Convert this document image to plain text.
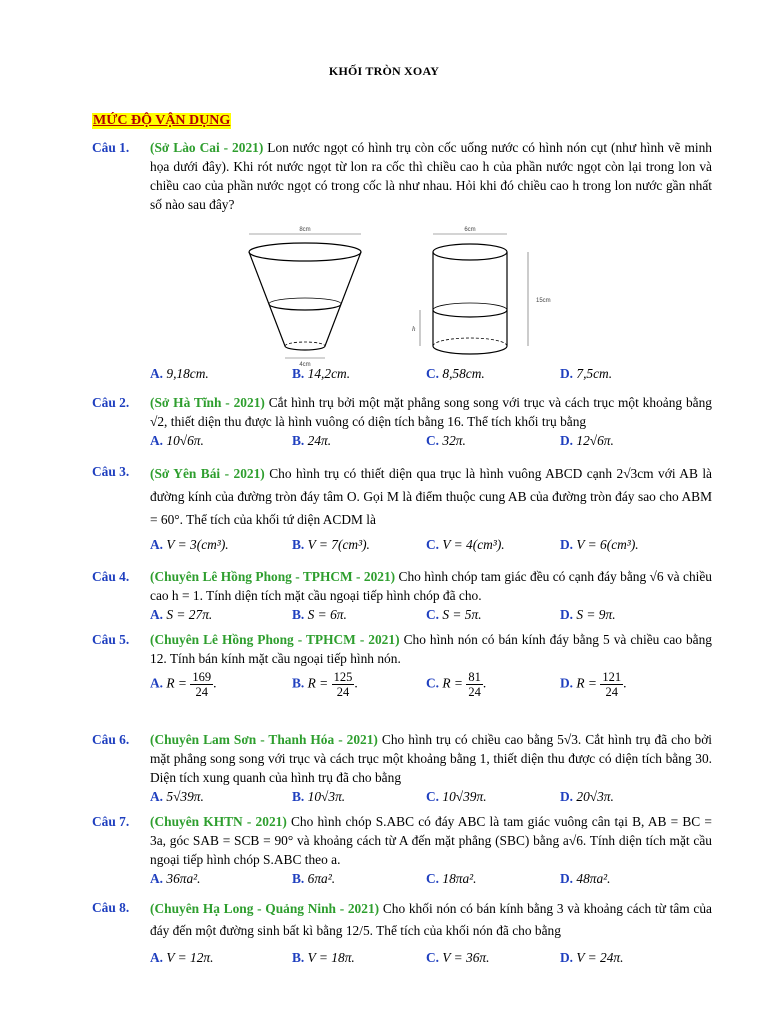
KHỐI TRÒN XOAY
MỨC ĐỘ VẬN DỤNG
Câu 1. (Sở Lào Cai - 2021) Lon nước ngọt có hình trụ còn cốc uống nước có hình nón cụt (như hình vẽ minh họa dưới đây). Khi rót nước ngọt từ lon ra cốc thì chiều cao h của phần nước ngọt còn lại trong lon và chiều cao của phần nước ngọt có trong cốc là như nhau. Hỏi khi đó chiều cao h trong lon nước gần nhất số nào sau đây?
8cm
4cm
6cm
15cm
h
A. 9,18cm.	B. 14,2cm.	C. 8,58cm.	D. 7,5cm.
Câu 2. (Sở Hà Tĩnh - 2021) Cắt hình trụ bởi một mặt phẳng song song với trục và cách trục một khoảng bằng √2, thiết diện thu được là hình vuông có diện tích bằng 16. Thể tích khối trụ bằng
A. 10√6π.	B. 24π.	C. 32π.	D. 12√6π.
Câu 3. (Sở Yên Bái - 2021) Cho hình trụ có thiết diện qua trục là hình vuông ABCD cạnh 2√3cm với AB là đường kính của đường tròn đáy tâm O. Gọi M là điểm thuộc cung AB của đường tròn đáy sao cho ABM = 60°. Thể tích của khối tứ diện ACDM là
A. V = 3(cm³).	B. V = 7(cm³).	C. V = 4(cm³).	D. V = 6(cm³).
Câu 4. (Chuyên Lê Hồng Phong - TPHCM - 2021) Cho hình chóp tam giác đều có cạnh đáy bằng √6 và chiều cao h = 1. Tính diện tích mặt cầu ngoại tiếp hình chóp đã cho.
A. S = 27π.	B. S = 6π.	C. S = 5π.	D. S = 9π.
Câu 5. (Chuyên Lê Hồng Phong - TPHCM - 2021) Cho hình nón có bán kính đáy bằng 5 và chiều cao bằng 12. Tính bán kính mặt cầu ngoại tiếp hình nón.
A. $R = \frac{169}{24}$ .	B. $R = \frac{125}{24}$ .	C. $R = \frac{81}{24}$ .	D. $R = \frac{121}{24}$ .
Câu 6. (Chuyên Lam Sơn - Thanh Hóa - 2021) Cho hình trụ có chiều cao bằng 5√3. Cắt hình trụ đã cho bởi mặt phẳng song song với trục và cách trục một khoảng bằng 1, thiết diện thu được có diện tích bằng 30. Diện tích xung quanh của hình trụ đã cho bằng
A. 5√39π.	B. 10√3π.	C. 10√39π.	D. 20√3π.
Câu 7. (Chuyên KHTN - 2021) Cho hình chóp S.ABC có đáy ABC là tam giác vuông cân tại B, AB = BC = 3a, góc SAB = SCB = 90° và khoảng cách từ A đến mặt phẳng (SBC) bằng a√6. Tính diện tích mặt cầu ngoại tiếp hình chóp S.ABC theo a.
A. 36πa².	B. 6πa².	C. 18πa².	D. 48πa².
Câu 8. (Chuyên Hạ Long - Quảng Ninh - 2021) Cho khối nón có bán kính bằng 3 và khoảng cách từ tâm của đáy đến một đường sinh bất kì bằng 12/5. Thể tích của khối nón đã cho bằng
A. V = 12π.	B. V = 18π.	C. V = 36π.	D. V = 24π.
